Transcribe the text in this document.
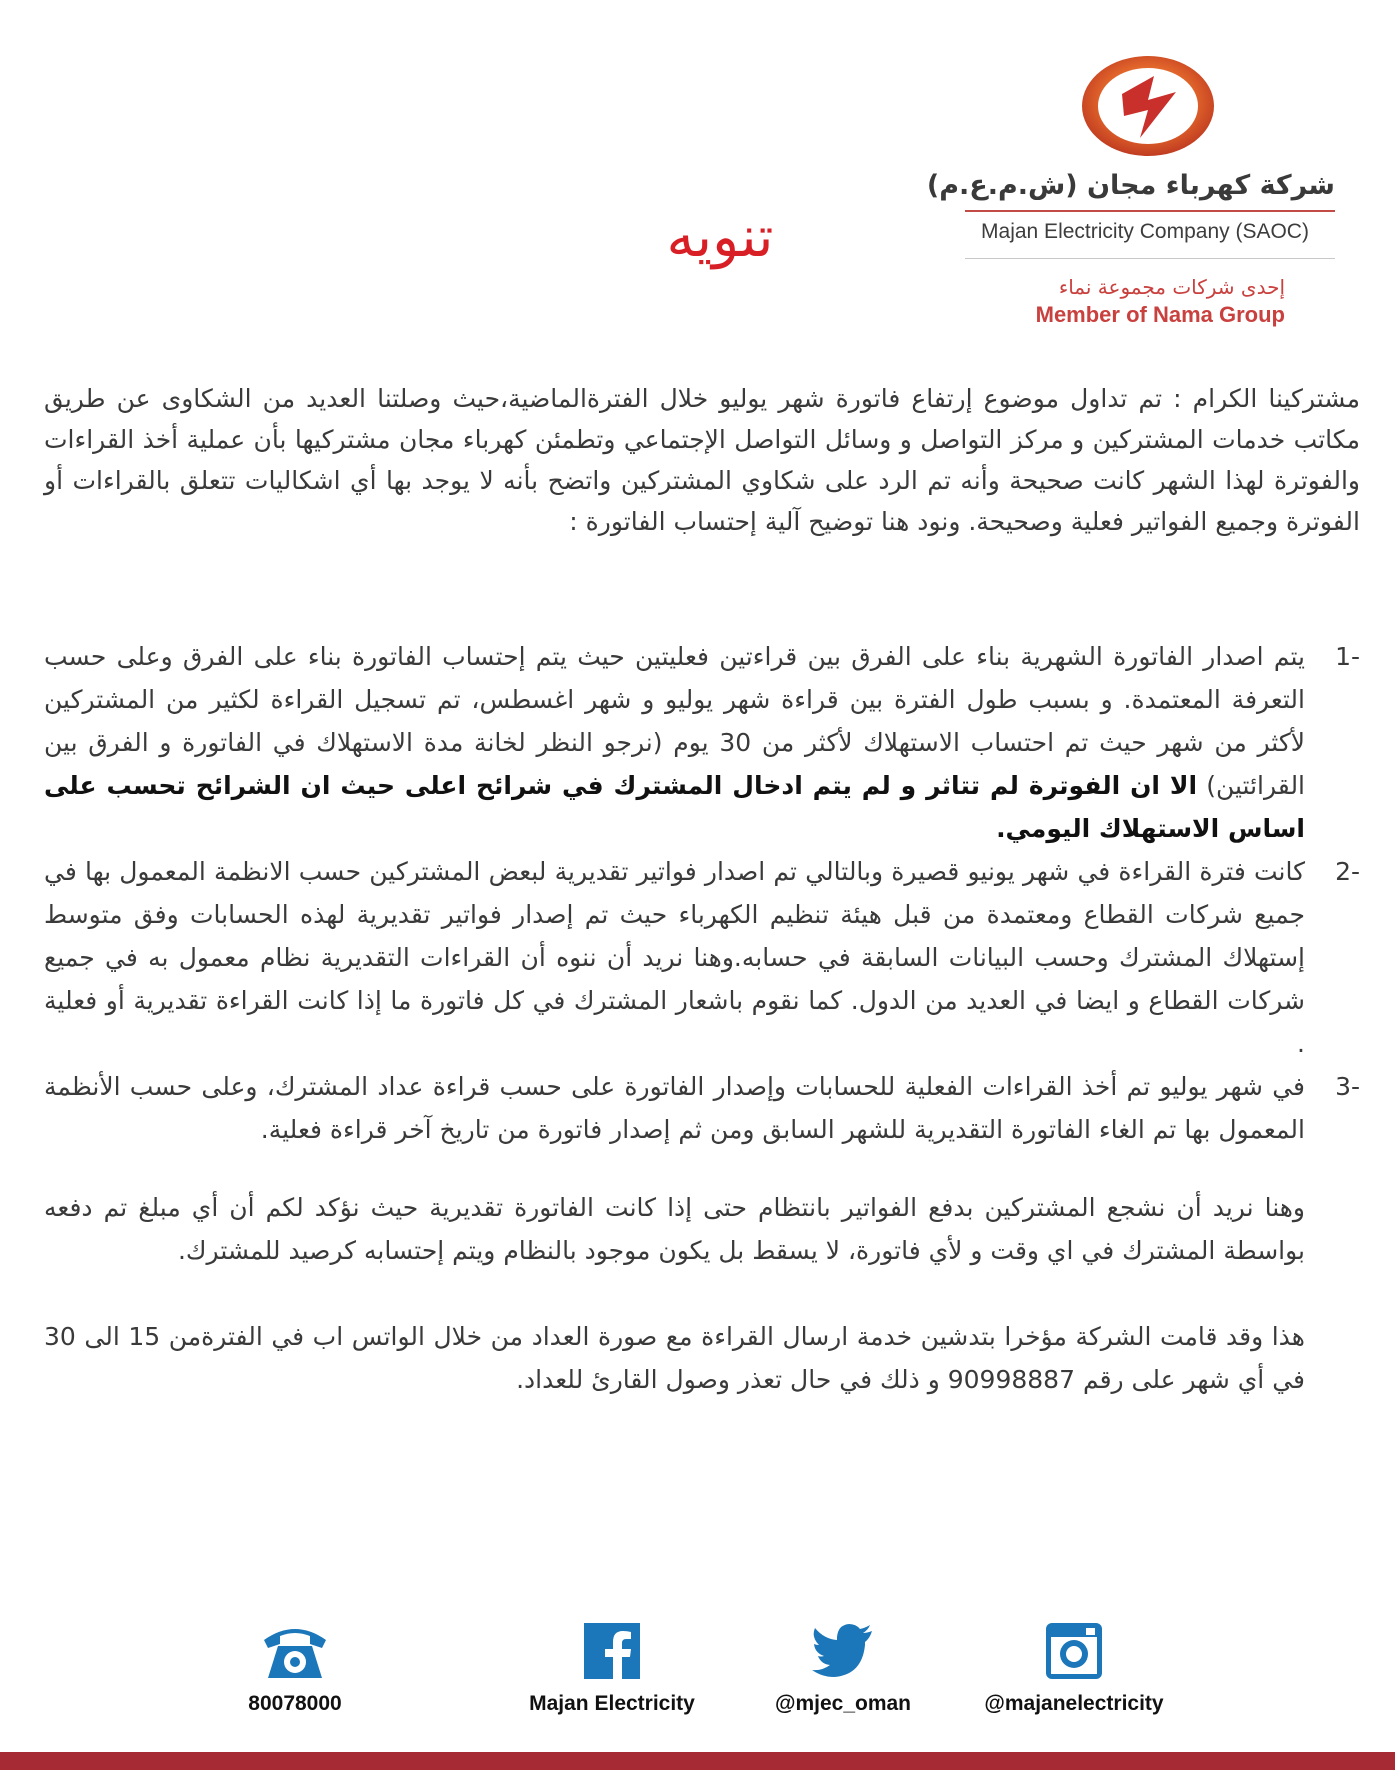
شركة كهرباء مجان (ش.م.ع.م)
Majan Electricity Company (SAOC)
إحدى شركات مجموعة نماء
Member of Nama Group
تنويه
مشتركينا الكرام : تم تداول موضوع إرتفاع فاتورة شهر يوليو خلال الفترةالماضية،حيث وصلتنا العديد من الشكاوى عن طريق مكاتب خدمات المشتركين و مركز التواصل و وسائل التواصل الإجتماعي وتطمئن كهرباء مجان مشتركيها بأن عملية أخذ القراءات والفوترة لهذا الشهر كانت صحيحة وأنه تم الرد على شكاوي المشتركين واتضح بأنه لا يوجد بها أي اشكاليات تتعلق بالقراءات أو الفوترة وجميع الفواتير فعلية وصحيحة. ونود هنا توضيح آلية إحتساب الفاتورة :
1-
يتم اصدار الفاتورة الشهرية بناء على الفرق بين قراءتين فعليتين حيث يتم إحتساب الفاتورة بناء على الفرق وعلى حسب التعرفة المعتمدة. و بسبب طول الفترة بين قراءة شهر يوليو و شهر اغسطس، تم تسجيل القراءة لكثير من المشتركين لأكثر من شهر حيث تم احتساب الاستهلاك لأكثر من 30 يوم (نرجو النظر لخانة مدة الاستهلاك في الفاتورة و الفرق بين القرائتين) الا ان الفوترة لم تتاثر و لم يتم ادخال المشترك في شرائح اعلى حيث ان الشرائح تحسب على اساس الاستهلاك اليومي.
2-
كانت فترة القراءة في شهر يونيو قصيرة وبالتالي تم اصدار فواتير تقديرية لبعض المشتركين حسب الانظمة المعمول بها في جميع شركات القطاع ومعتمدة من قبل هيئة تنظيم الكهرباء حيث تم إصدار فواتير تقديرية لهذه الحسابات وفق متوسط إستهلاك المشترك وحسب البيانات السابقة في حسابه.وهنا نريد أن ننوه أن القراءات التقديرية نظام معمول به في جميع شركات القطاع و ايضا في العديد من الدول. كما نقوم باشعار المشترك في كل فاتورة ما إذا كانت القراءة تقديرية أو فعلية .
3-
في شهر يوليو تم أخذ القراءات الفعلية للحسابات وإصدار الفاتورة على حسب قراءة عداد المشترك، وعلى حسب الأنظمة المعمول بها تم الغاء الفاتورة التقديرية للشهر السابق ومن ثم إصدار فاتورة من تاريخ آخر قراءة فعلية.
وهنا نريد أن نشجع المشتركين بدفع الفواتير بانتظام حتى إذا كانت الفاتورة تقديرية حيث نؤكد لكم أن أي مبلغ تم دفعه بواسطة المشترك في اي وقت و لأي فاتورة، لا يسقط بل يكون موجود بالنظام ويتم إحتسابه كرصيد للمشترك.
هذا وقد قامت الشركة مؤخرا بتدشين خدمة ارسال القراءة مع صورة العداد من خلال الواتس اب في الفترةمن 15 الى 30 في أي شهر على رقم 90998887 و ذلك في حال تعذر وصول القارئ للعداد.
80078000	Majan Electricity	@mjec_oman	@majanelectricity
